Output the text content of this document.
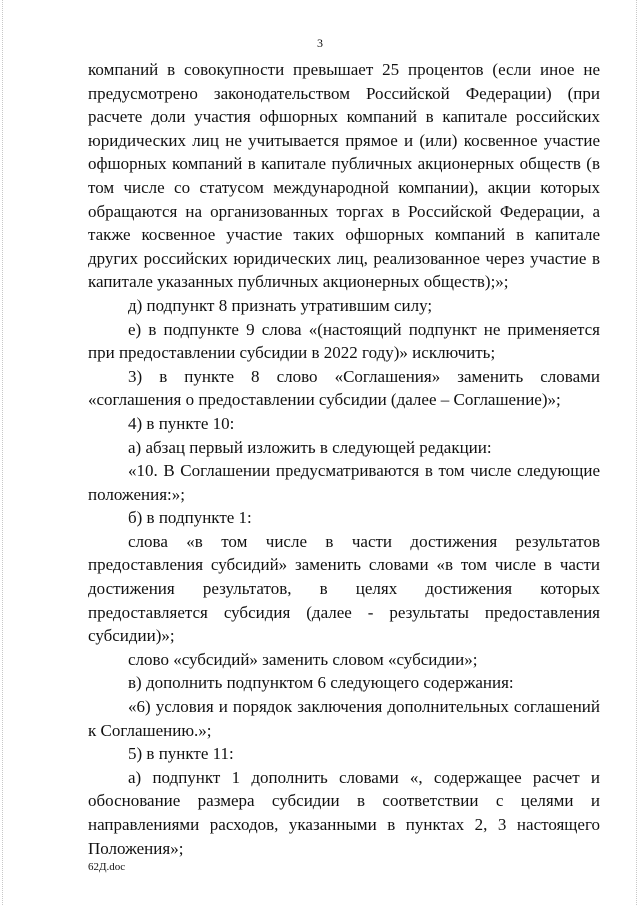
3

компаний в совокупности превышает 25 процентов (если иное не предусмотрено законодательством Российской Федерации) (при расчете доли участия офшорных компаний в капитале российских юридических лиц не учитывается прямое и (или) косвенное участие офшорных компаний в капитале публичных акционерных обществ (в том числе со статусом международной компании), акции которых обращаются на организованных торгах в Российской Федерации, а также косвенное участие таких офшорных компаний в капитале других российских юридических лиц, реализованное через участие в капитале указанных публичных акционерных обществ);»;

д) подпункт 8 признать утратившим силу;

е) в подпункте 9 слова «(настоящий подпункт не применяется при предоставлении субсидии в 2022 году)» исключить;

3) в пункте 8 слово «Соглашения» заменить словами «соглашения о предоставлении субсидии (далее – Соглашение)»;

4) в пункте 10:

а) абзац первый изложить в следующей редакции:

«10. В Соглашении предусматриваются в том числе следующие положения:»;

б) в подпункте 1:

слова «в том числе в части достижения результатов предоставления субсидий» заменить словами «в том числе в части достижения результатов, в целях достижения которых предоставляется субсидия (далее - результаты предоставления субсидии)»;

слово «субсидий» заменить словом «субсидии»;

в) дополнить подпунктом 6 следующего содержания:

«6) условия и порядок заключения дополнительных соглашений к Соглашению.»;

5) в пункте 11:

а) подпункт 1 дополнить словами «, содержащее расчет и обоснование размера субсидии в соответствии с целями и направлениями расходов, указанными в пунктах 2, 3 настоящего Положения»;

62Д.doc
